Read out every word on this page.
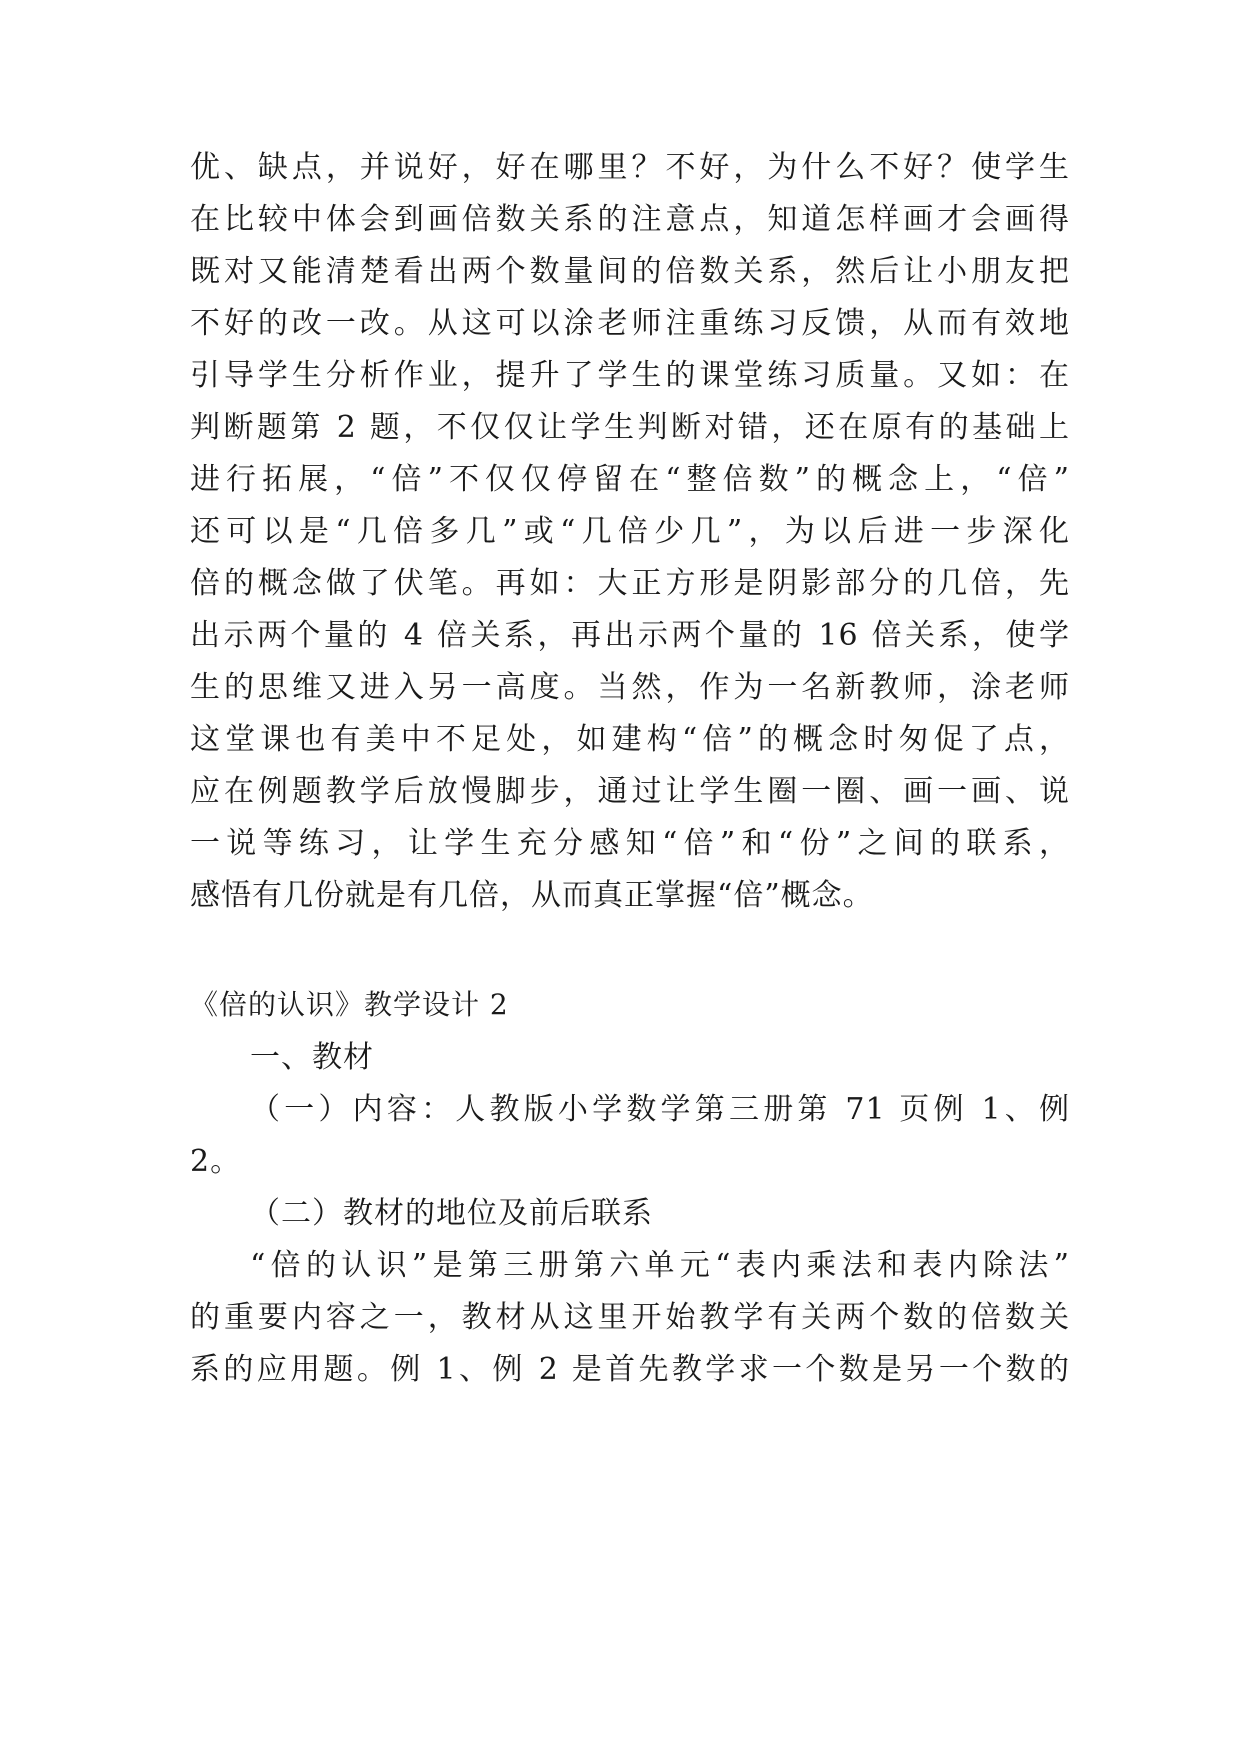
优、缺点，并说好，好在哪里？不好，为什么不好？使学生
在比较中体会到画倍数关系的注意点，知道怎样画才会画得
既对又能清楚看出两个数量间的倍数关系，然后让小朋友把
不好的改一改。从这可以涂老师注重练习反馈，从而有效地
引导学生分析作业，提升了学生的课堂练习质量。又如：在
判断题第 2 题，不仅仅让学生判断对错，还在原有的基础上
进行拓展，“倍”不仅仅停留在“整倍数”的概念上，“倍”
还可以是“几倍多几”或“几倍少几”，为以后进一步深化
倍的概念做了伏笔。再如：大正方形是阴影部分的几倍，先
出示两个量的 4 倍关系，再出示两个量的 16 倍关系，使学
生的思维又进入另一高度。当然，作为一名新教师，涂老师
这堂课也有美中不足处，如建构“倍”的概念时匆促了点，
应在例题教学后放慢脚步，通过让学生圈一圈、画一画、说
一说等练习，让学生充分感知“倍”和“份”之间的联系，
感悟有几份就是有几倍，从而真正掌握“倍”概念。
《倍的认识》教学设计 2
一、教材
（一）内容：人教版小学数学第三册第 71 页例 1、例
2。
（二）教材的地位及前后联系
“倍的认识”是第三册第六单元“表内乘法和表内除法”
的重要内容之一，教材从这里开始教学有关两个数的倍数关
系的应用题。例 1、例 2 是首先教学求一个数是另一个数的
